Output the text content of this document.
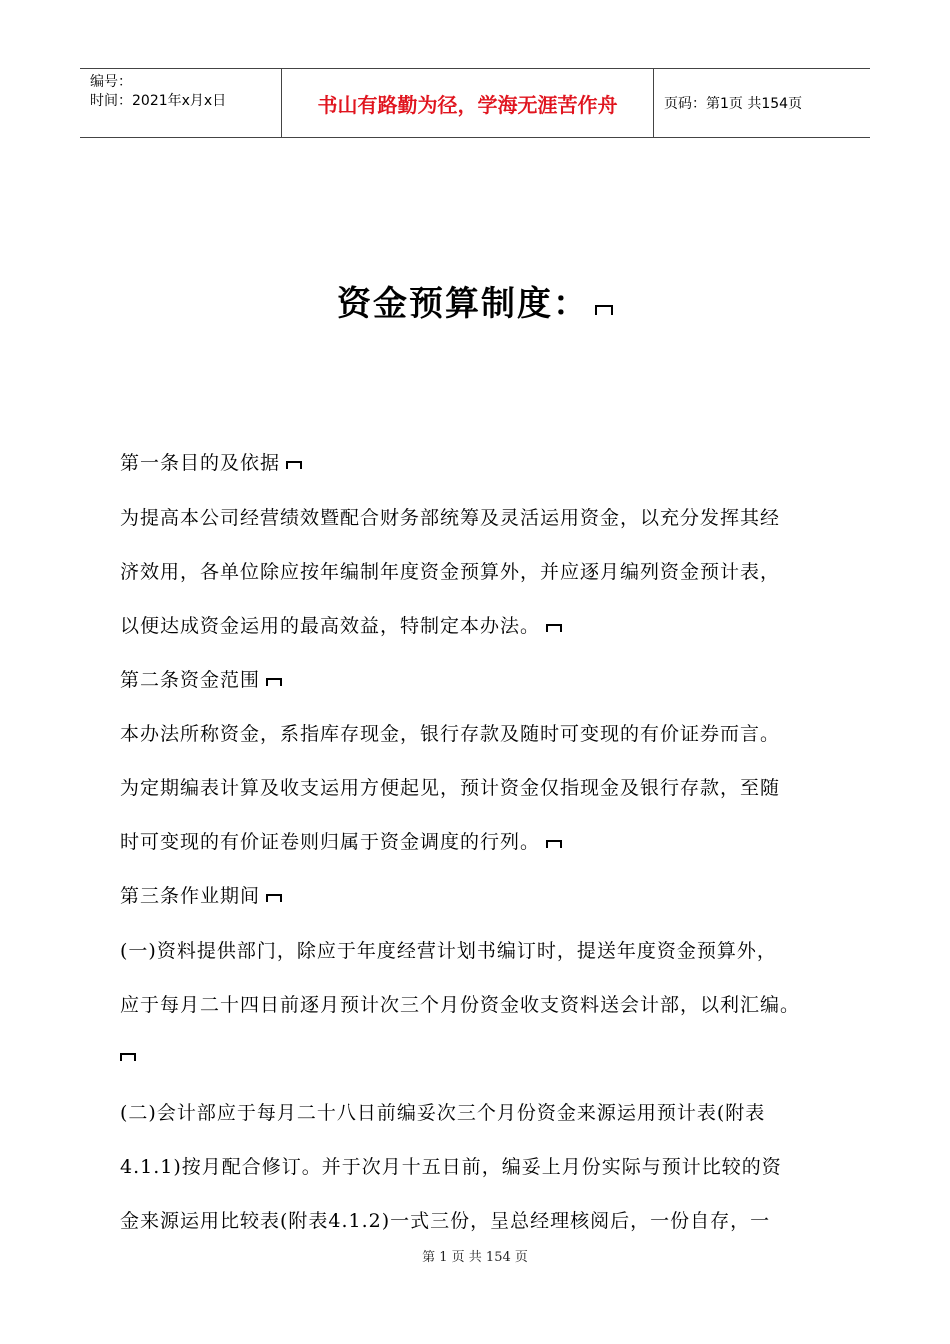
编号：
时间：2021年x月x日	书山有路勤为径，学海无涯苦作舟	页码：第1页 共154页
资金预算制度：
第一条目的及依据
为提高本公司经营绩效暨配合财务部统筹及灵活运用资金，以充分发挥其经
济效用，各单位除应按年编制年度资金预算外，并应逐月编列资金预计表，
以便达成资金运用的最高效益，特制定本办法。
第二条资金范围
本办法所称资金，系指库存现金，银行存款及随时可变现的有价证券而言。
为定期编表计算及收支运用方便起见，预计资金仅指现金及银行存款，至随
时可变现的有价证卷则归属于资金调度的行列。
第三条作业期间
(一)资料提供部门，除应于年度经营计划书编订时，提送年度资金预算外，
应于每月二十四日前逐月预计次三个月份资金收支资料送会计部，以利汇编。
(二)会计部应于每月二十八日前编妥次三个月份资金来源运用预计表(附表
4.1.1)按月配合修订。并于次月十五日前，编妥上月份实际与预计比较的资
金来源运用比较表(附表4.1.2)一式三份，呈总经理核阅后，一份自存，一
第 1 页 共 154 页
